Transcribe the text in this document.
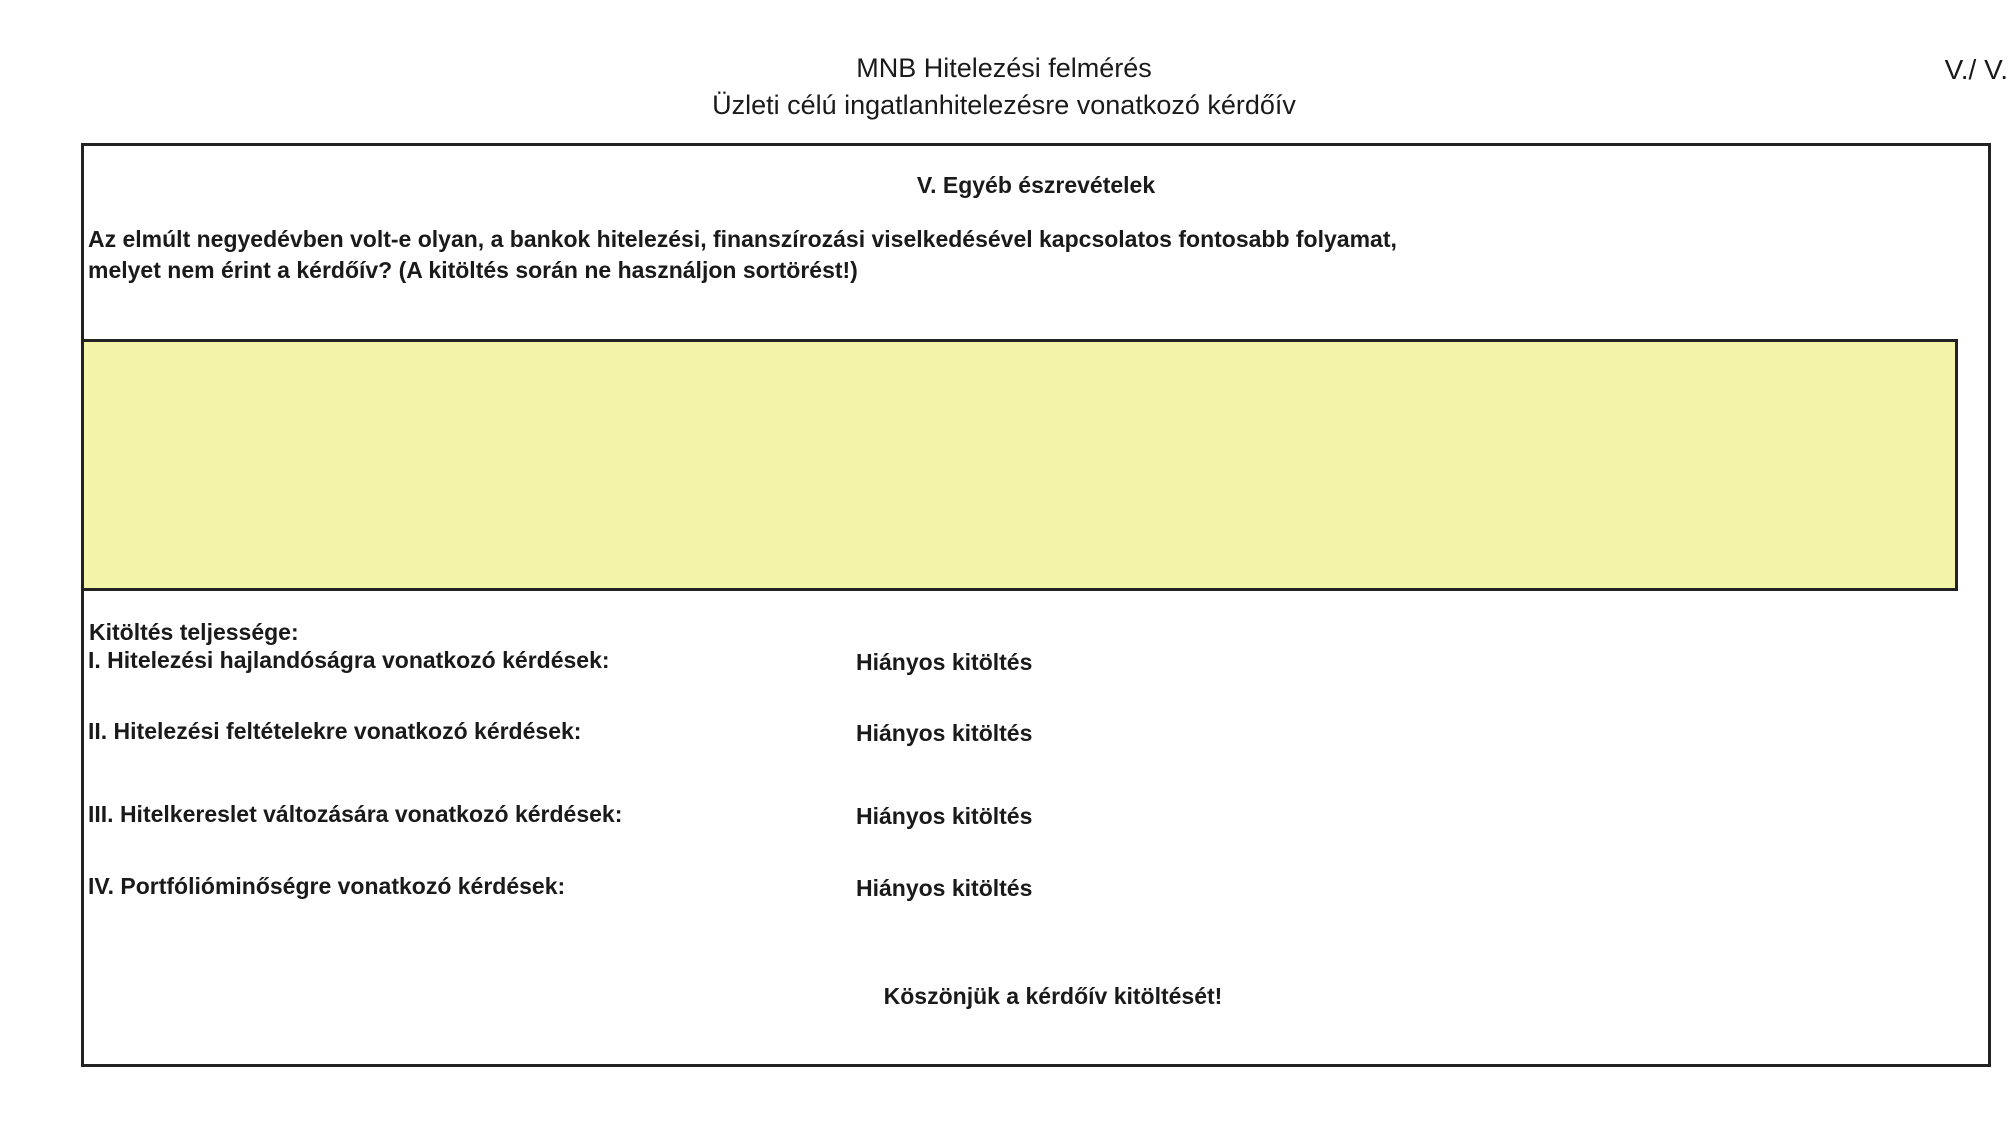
MNB Hitelezési felmérés
Üzleti célú ingatlanhitelezésre vonatkozó kérdőív
V./ V.
V. Egyéb észrevételek
Az elmúlt negyedévben volt-e olyan, a bankok hitelezési, finanszírozási viselkedésével kapcsolatos fontosabb folyamat,
melyet nem érint a kérdőív? (A kitöltés során ne használjon sortörést!)
Kitöltés teljessége:
I. Hitelezési hajlandóságra vonatkozó kérdések:	Hiányos kitöltés
II. Hitelezési feltételekre vonatkozó kérdések:	Hiányos kitöltés
III. Hitelkereslet változására vonatkozó kérdések:	Hiányos kitöltés
IV. Portfólióminőségre vonatkozó kérdések:	Hiányos kitöltés
Köszönjük a kérdőív kitöltését!
